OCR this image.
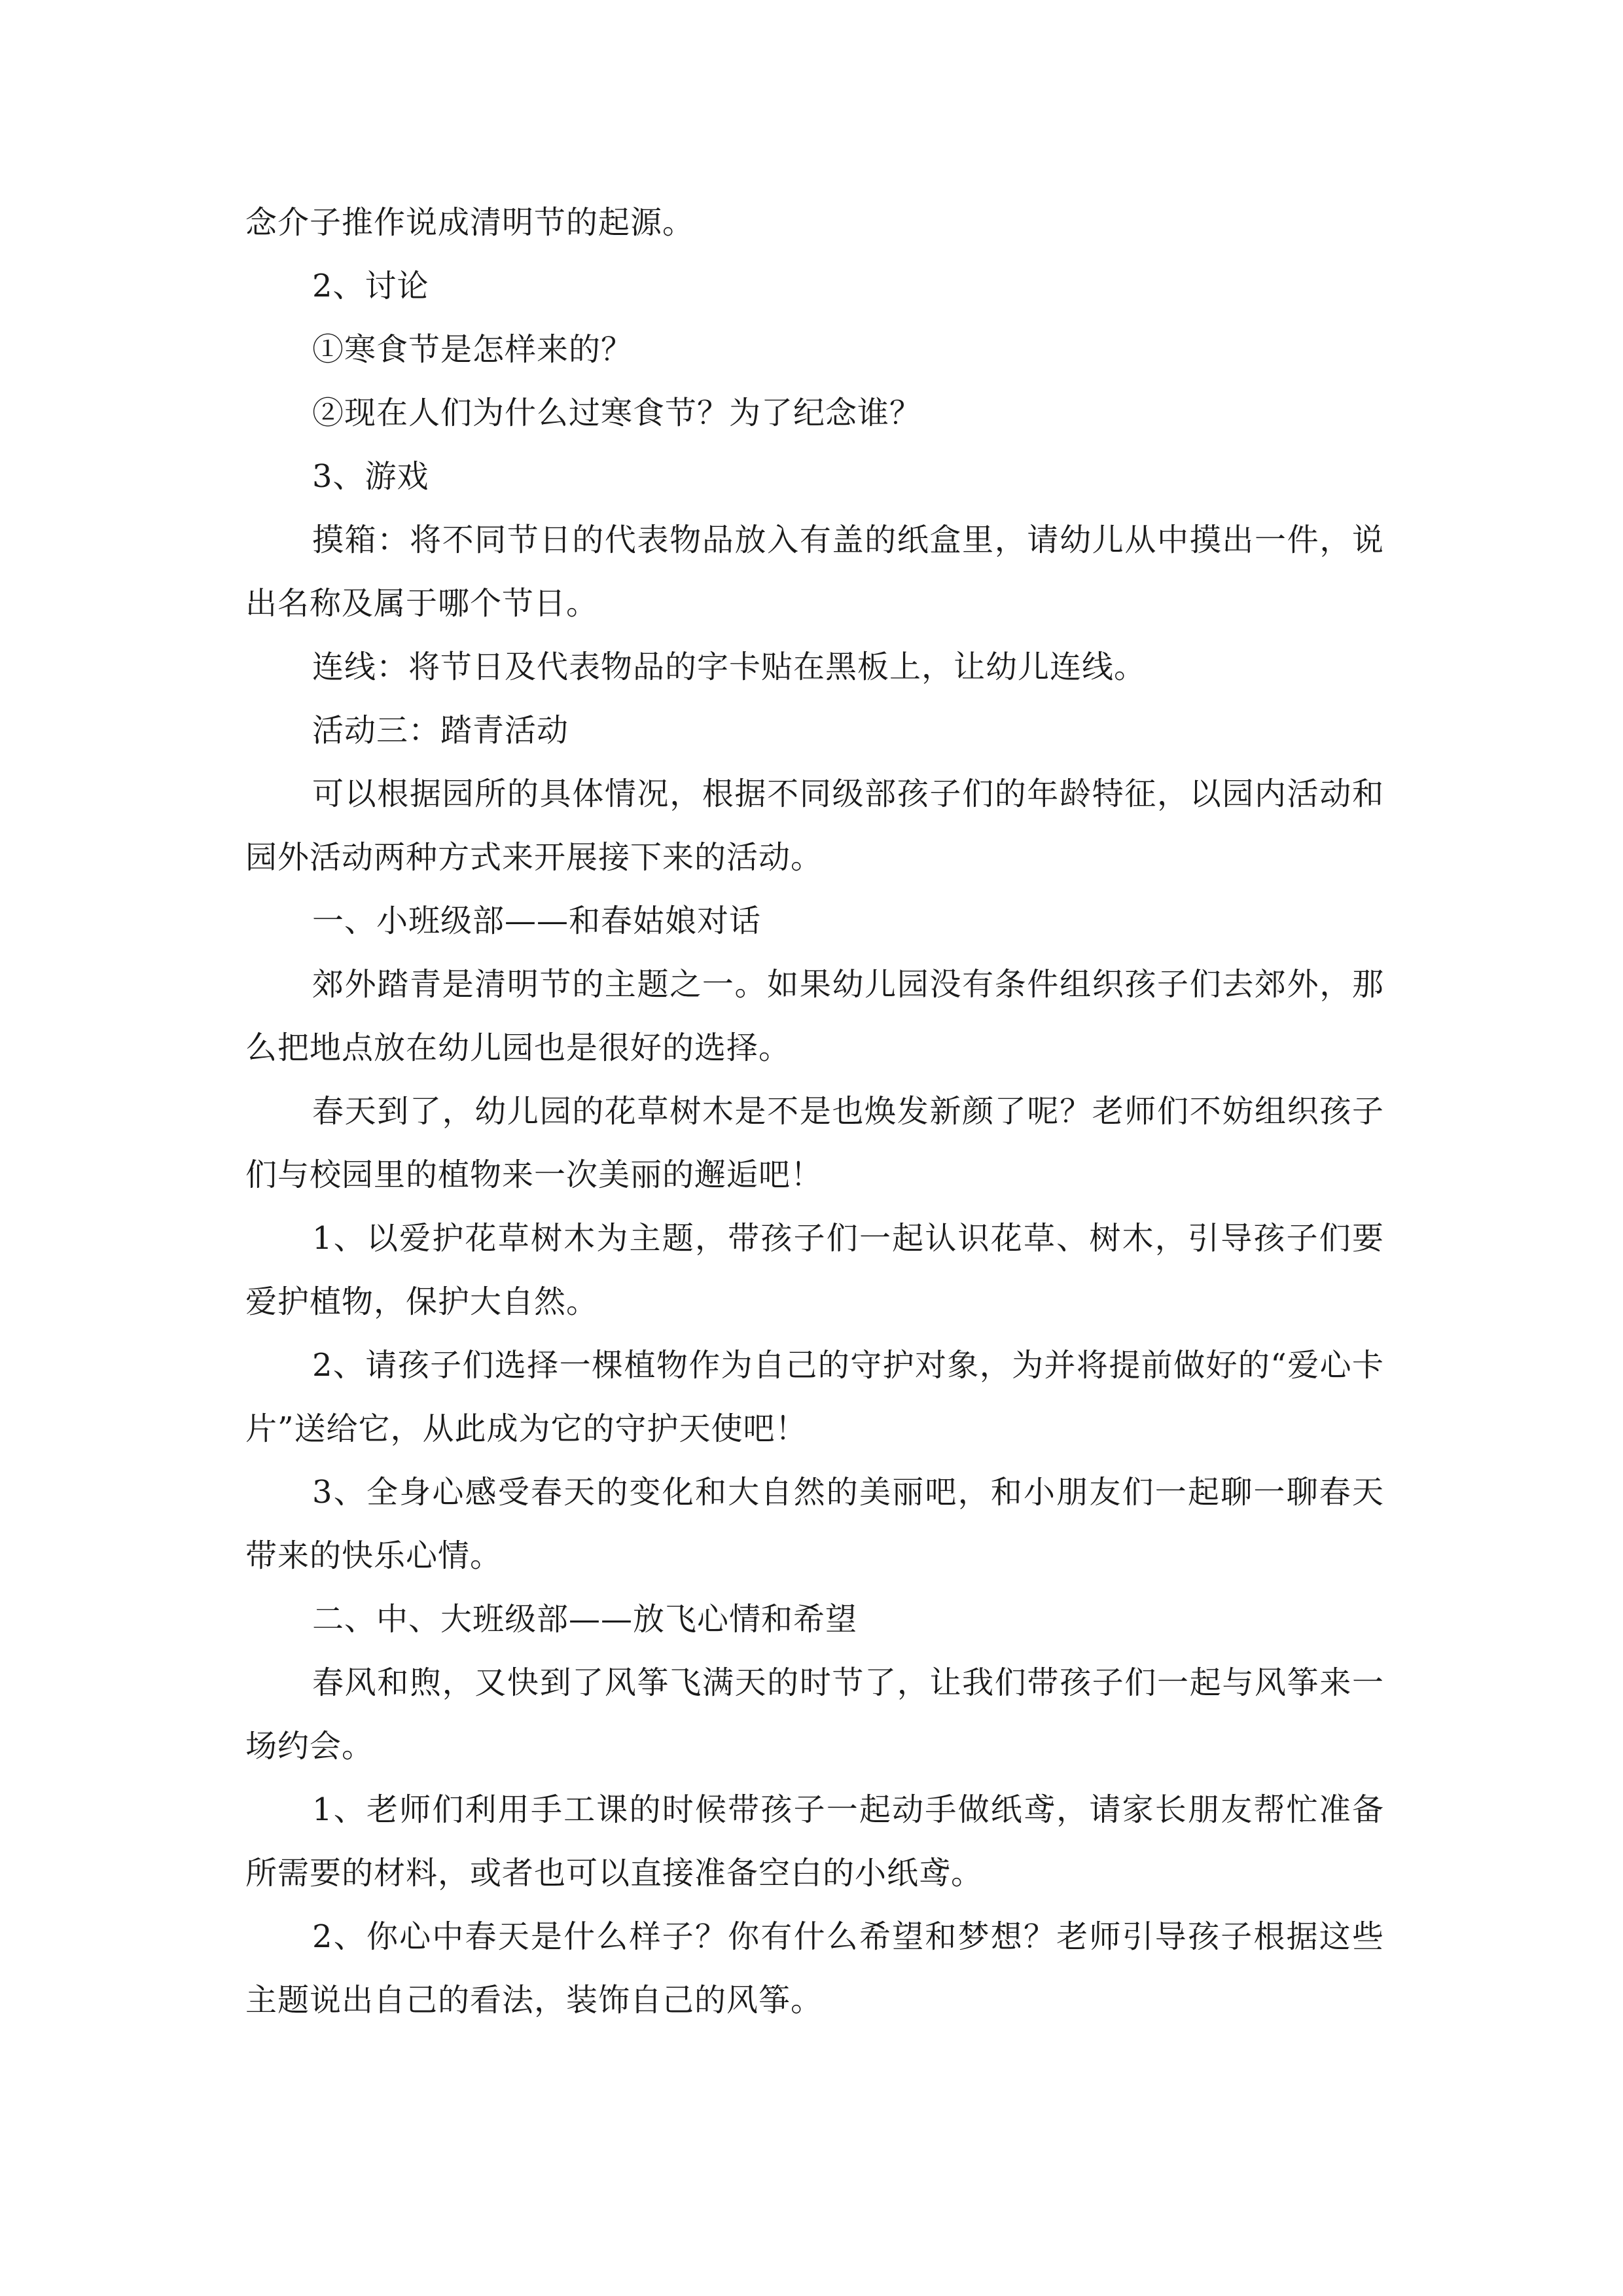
念介子推作说成清明节的起源。

2、讨论

①寒食节是怎样来的？

②现在人们为什么过寒食节？为了纪念谁？

3、游戏

摸箱：将不同节日的代表物品放入有盖的纸盒里，请幼儿从中摸出一件，说出名称及属于哪个节日。

连线：将节日及代表物品的字卡贴在黑板上，让幼儿连线。

活动三：踏青活动

可以根据园所的具体情况，根据不同级部孩子们的年龄特征，以园内活动和园外活动两种方式来开展接下来的活动。

一、小班级部——和春姑娘对话

郊外踏青是清明节的主题之一。如果幼儿园没有条件组织孩子们去郊外，那么把地点放在幼儿园也是很好的选择。

春天到了，幼儿园的花草树木是不是也焕发新颜了呢？老师们不妨组织孩子们与校园里的植物来一次美丽的邂逅吧！

1、以爱护花草树木为主题，带孩子们一起认识花草、树木，引导孩子们要爱护植物，保护大自然。

2、请孩子们选择一棵植物作为自己的守护对象，为并将提前做好的“爱心卡片”送给它，从此成为它的守护天使吧！

3、全身心感受春天的变化和大自然的美丽吧，和小朋友们一起聊一聊春天带来的快乐心情。

二、中、大班级部——放飞心情和希望

春风和煦，又快到了风筝飞满天的时节了，让我们带孩子们一起与风筝来一场约会。

1、老师们利用手工课的时候带孩子一起动手做纸鸢，请家长朋友帮忙准备所需要的材料，或者也可以直接准备空白的小纸鸢。

2、你心中春天是什么样子？你有什么希望和梦想？老师引导孩子根据这些主题说出自己的看法，装饰自己的风筝。
